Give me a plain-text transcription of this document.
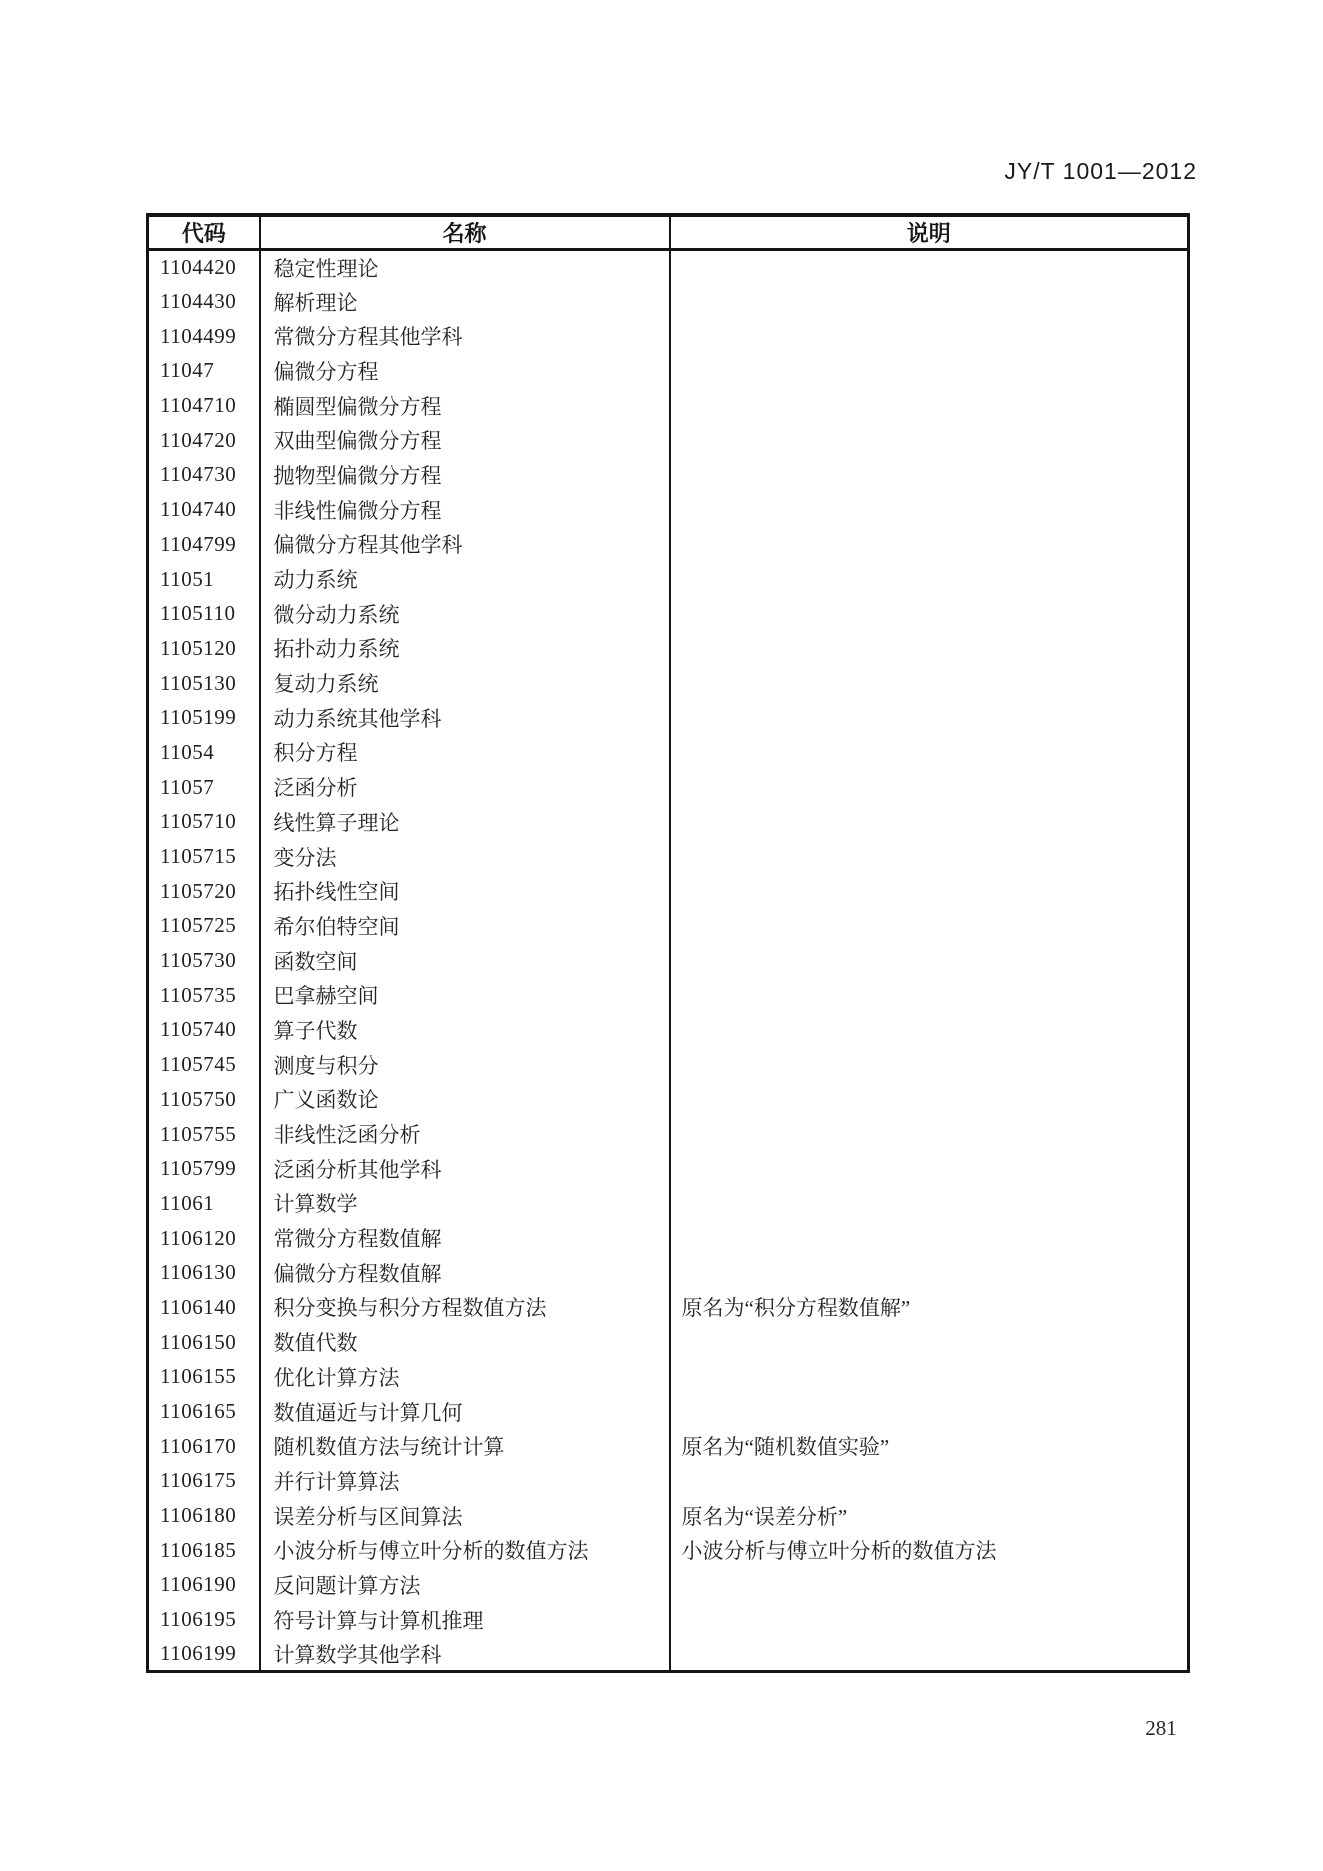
JY/T 1001—2012
代码	名称	说明
1104420	稳定性理论	
1104430	解析理论	
1104499	常微分方程其他学科	
11047	偏微分方程	
1104710	椭圆型偏微分方程	
1104720	双曲型偏微分方程	
1104730	抛物型偏微分方程	
1104740	非线性偏微分方程	
1104799	偏微分方程其他学科	
11051	动力系统	
1105110	微分动力系统	
1105120	拓扑动力系统	
1105130	复动力系统	
1105199	动力系统其他学科	
11054	积分方程	
11057	泛函分析	
1105710	线性算子理论	
1105715	变分法	
1105720	拓扑线性空间	
1105725	希尔伯特空间	
1105730	函数空间	
1105735	巴拿赫空间	
1105740	算子代数	
1105745	测度与积分	
1105750	广义函数论	
1105755	非线性泛函分析	
1105799	泛函分析其他学科	
11061	计算数学	
1106120	常微分方程数值解	
1106130	偏微分方程数值解	
1106140	积分变换与积分方程数值方法	原名为“积分方程数值解”
1106150	数值代数	
1106155	优化计算方法	
1106165	数值逼近与计算几何	
1106170	随机数值方法与统计计算	原名为“随机数值实验”
1106175	并行计算算法	
1106180	误差分析与区间算法	原名为“误差分析”
1106185	小波分析与傅立叶分析的数值方法	小波分析与傅立叶分析的数值方法
1106190	反问题计算方法	
1106195	符号计算与计算机推理	
1106199	计算数学其他学科	
281
